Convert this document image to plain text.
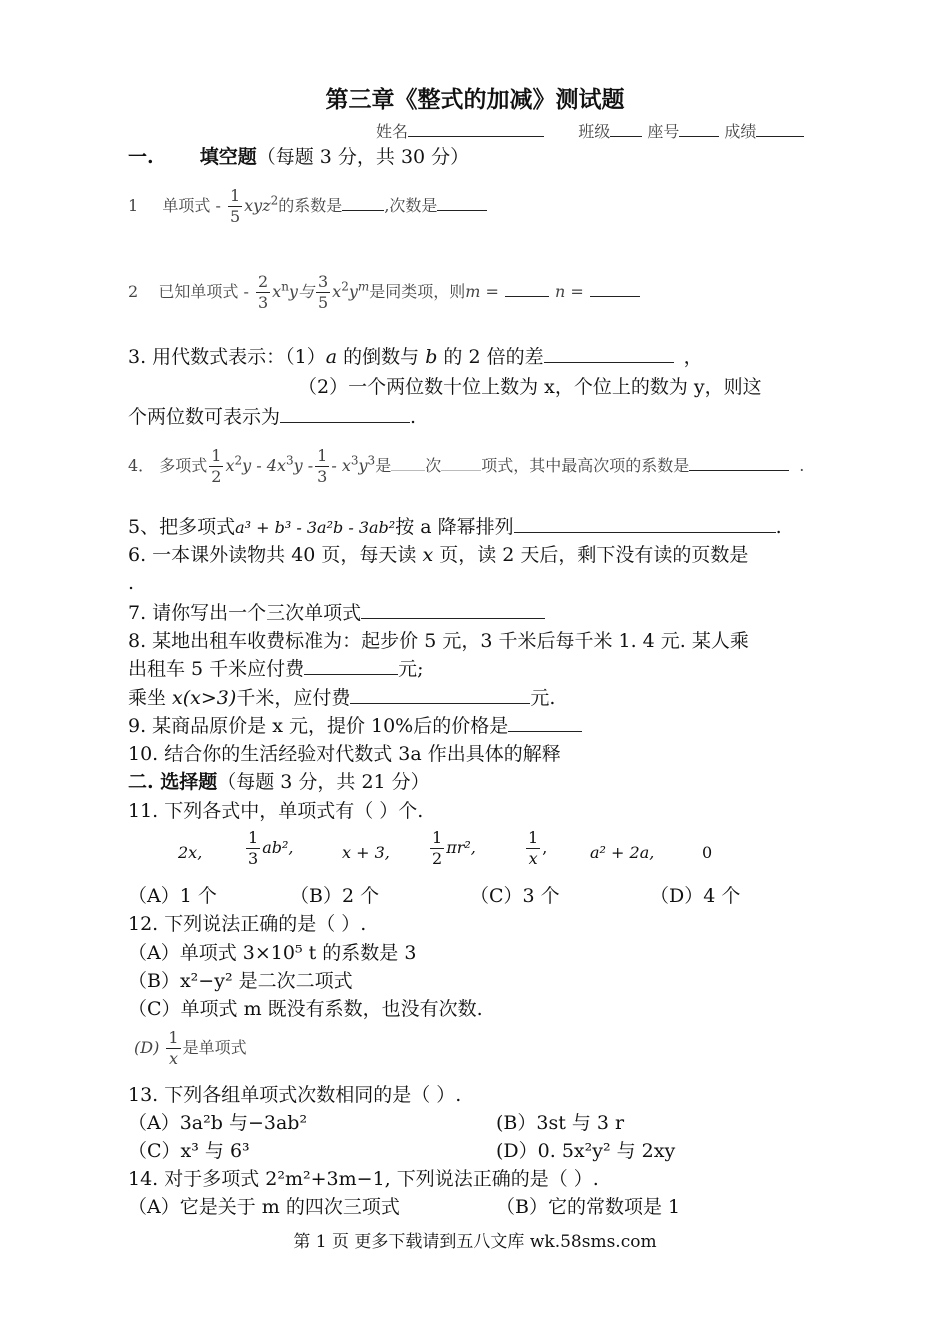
第三章《整式的加减》测试题
姓名	班级 座号	成绩
一. 填空题（每题 3 分，共 30 分）
1 单项式 - $\frac{1}{5} xyz^2$的系数是	,次数是
2 已知单项式 - $\frac{2}{3} x^ny$与 $\frac{3}{5} x^2y^m$是同类项，则m =	n =
3. 用代数式表示：（1）a 的倒数与 b 的 2 倍的差	，
（2）一个两位数十位上数为 x，个位上的数为 y，则这
个两位数可表示为	.
4． 多项式 $\frac{1}{2} x^2y - 4x^3y - \frac{1}{3} - x^3y^3$是 次	项式，其中最高次项的系数是	.
5、把多项式a³ + b³ - 3a²b - 3ab²按 a 降幂排列	.
6. 一本课外读物共 40 页，每天读 x 页，读 2 天后，剩下没有读的页数是
.
7. 请你写出一个三次单项式
8. 某地出租车收费标准为：起步价 5 元，3 千米后每千米 1. 4 元. 某人乘
出租车 5 千米应付费	元;
乘坐 x(x>3)千米，应付费	元.
9. 某商品原价是 x 元，提价 10%后的价格是
10. 结合你的生活经验对代数式 3a 作出具体的解释
二. 选择题（每题 3 分，共 21 分）
11. 下列各式中，单项式有（ ）个.
2x,	$\frac{1}{3} ab^2$,	x + 3,	$\frac{1}{2} \pi r^2$,	$\frac{1}{x}$ ,	a² + 2a,	0
（A）1 个	（B）2 个	（C）3 个	（D）4 个
12. 下列说法正确的是（ ）.
（A）单项式 3×10⁵ t 的系数是 3
（B）x²−y² 是二次二项式
（C）单项式 m 既没有系数，也没有次数.
$(D) \frac{1}{x}$ 是单项式
13. 下列各组单项式次数相同的是（ ）.
（A）3a²b 与−3ab²	(B）3st 与 3 r
（C）x³ 与 6³	(D）0. 5x²y² 与 2xy
14. 对于多项式 2²m²+3m−1, 下列说法正确的是（ ）.
（A）它是关于 m 的四次三项式	（B）它的常数项是 1
第 1 页 更多下载请到五八文库 wk.58sms.com
